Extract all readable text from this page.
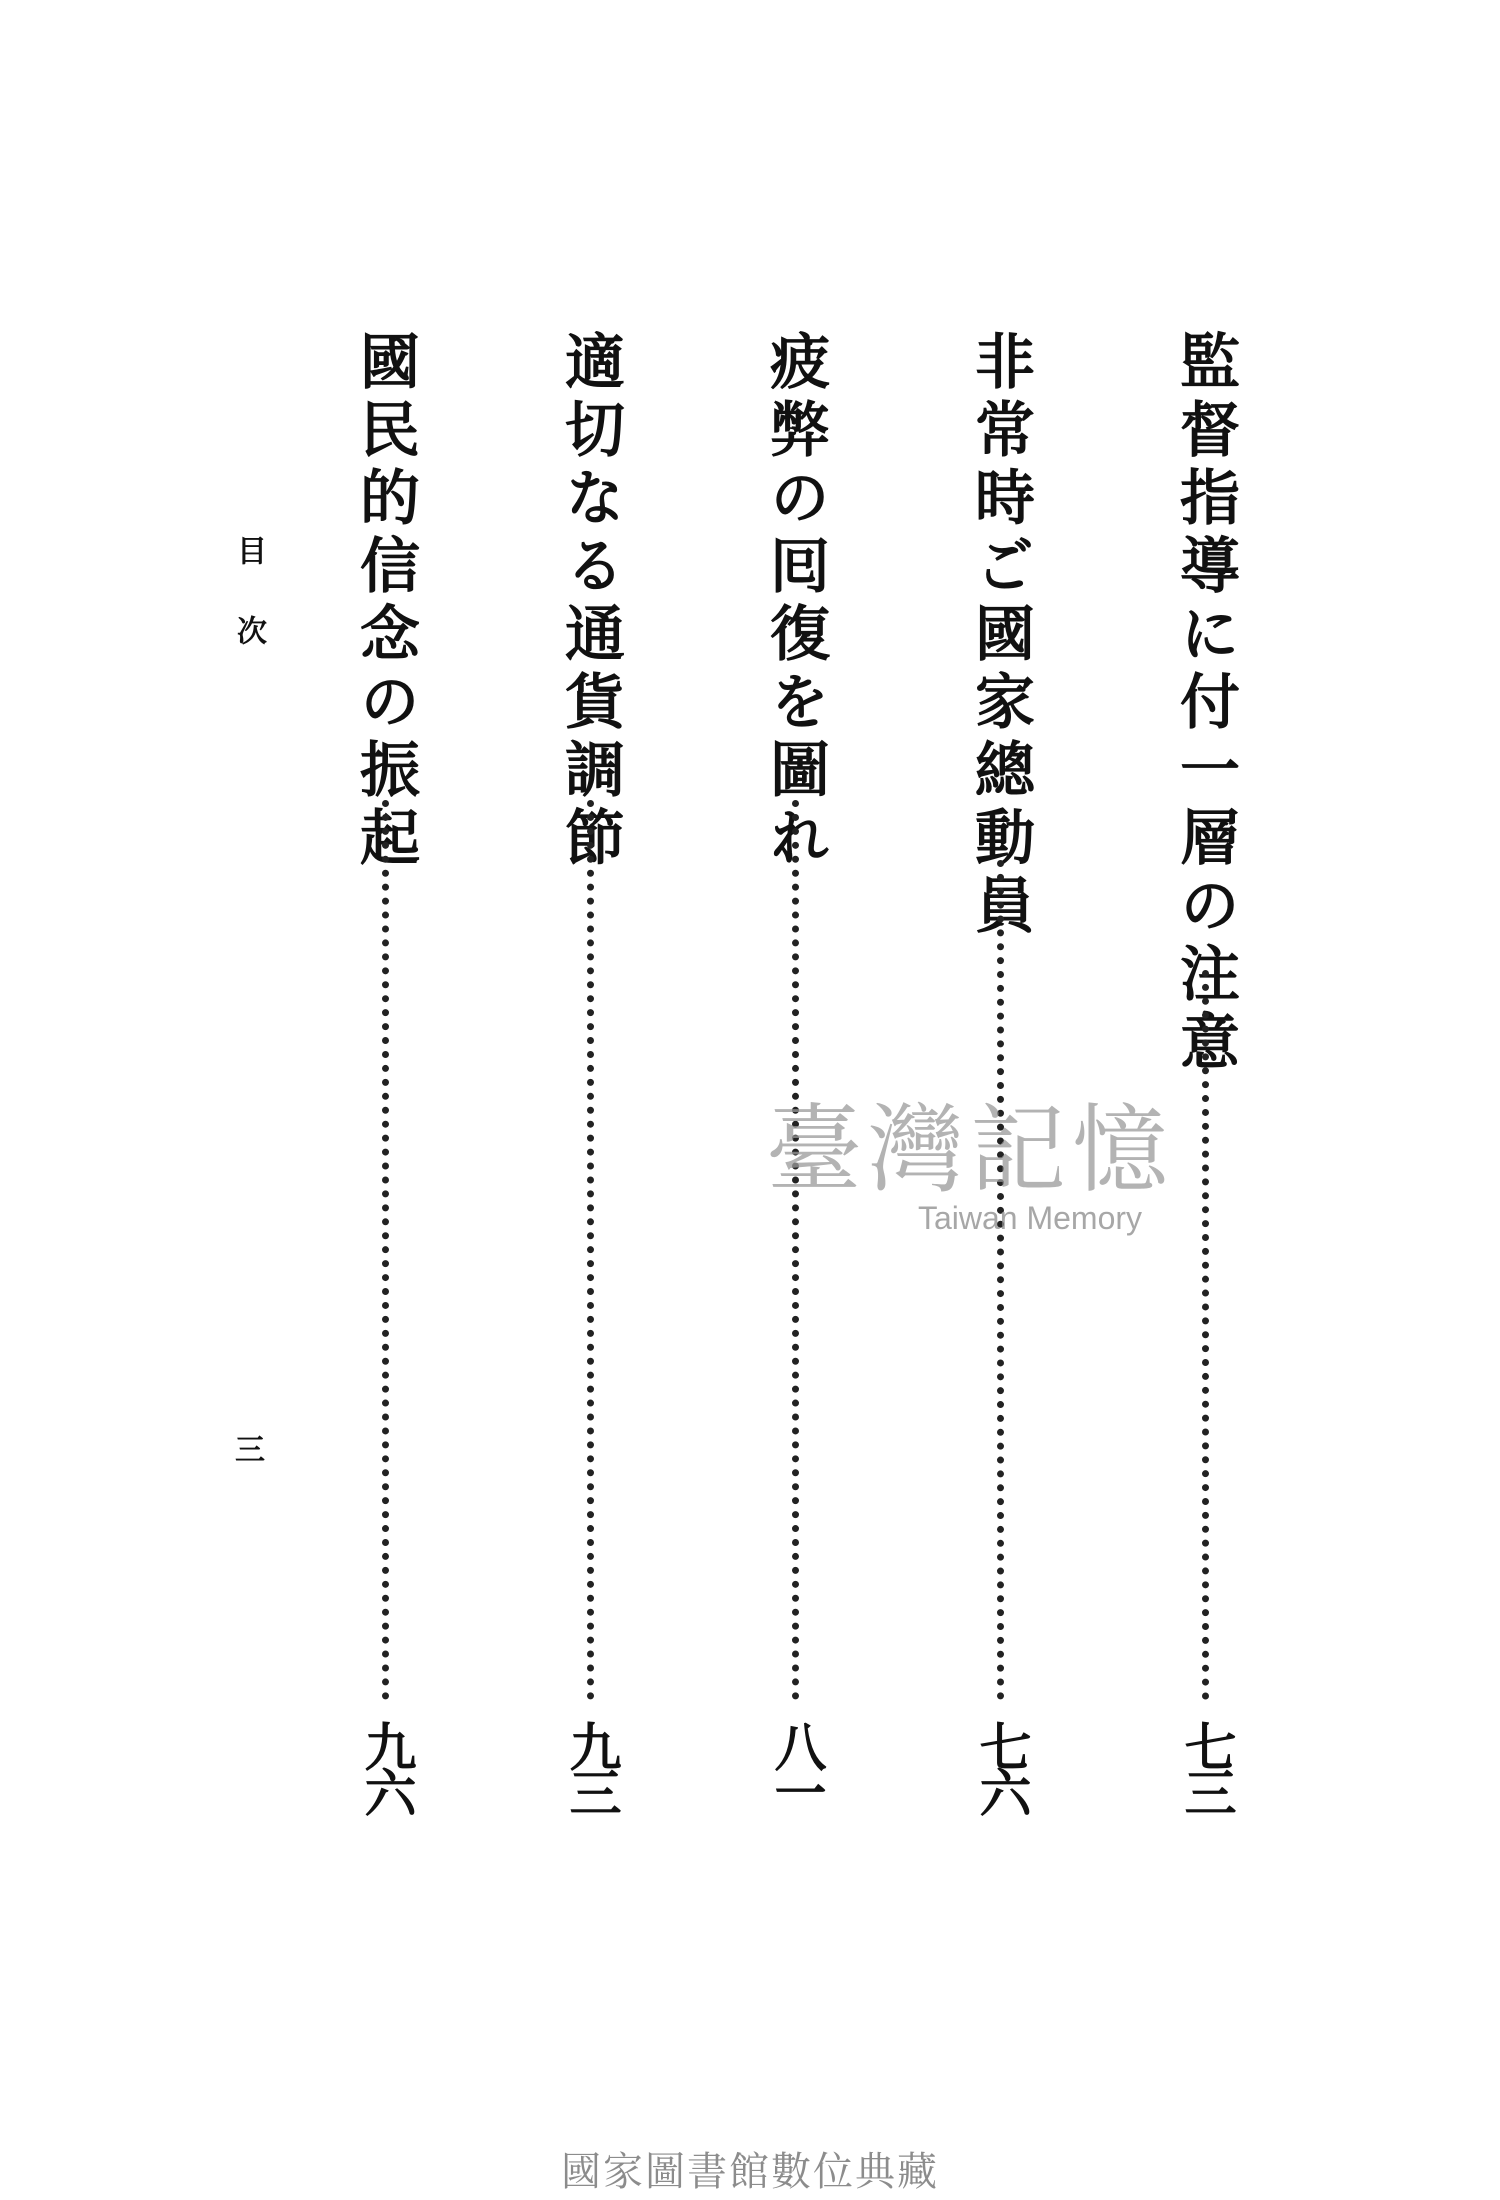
監督指導に付一層の注意
七三
非常時ご國家總動員
七六
疲弊の囘復を圖れ
八一
適切なる通貨調節
九三
國民的信念の振起
九六
目次
三
臺灣記憶
Taiwan Memory
國家圖書館數位典藏
